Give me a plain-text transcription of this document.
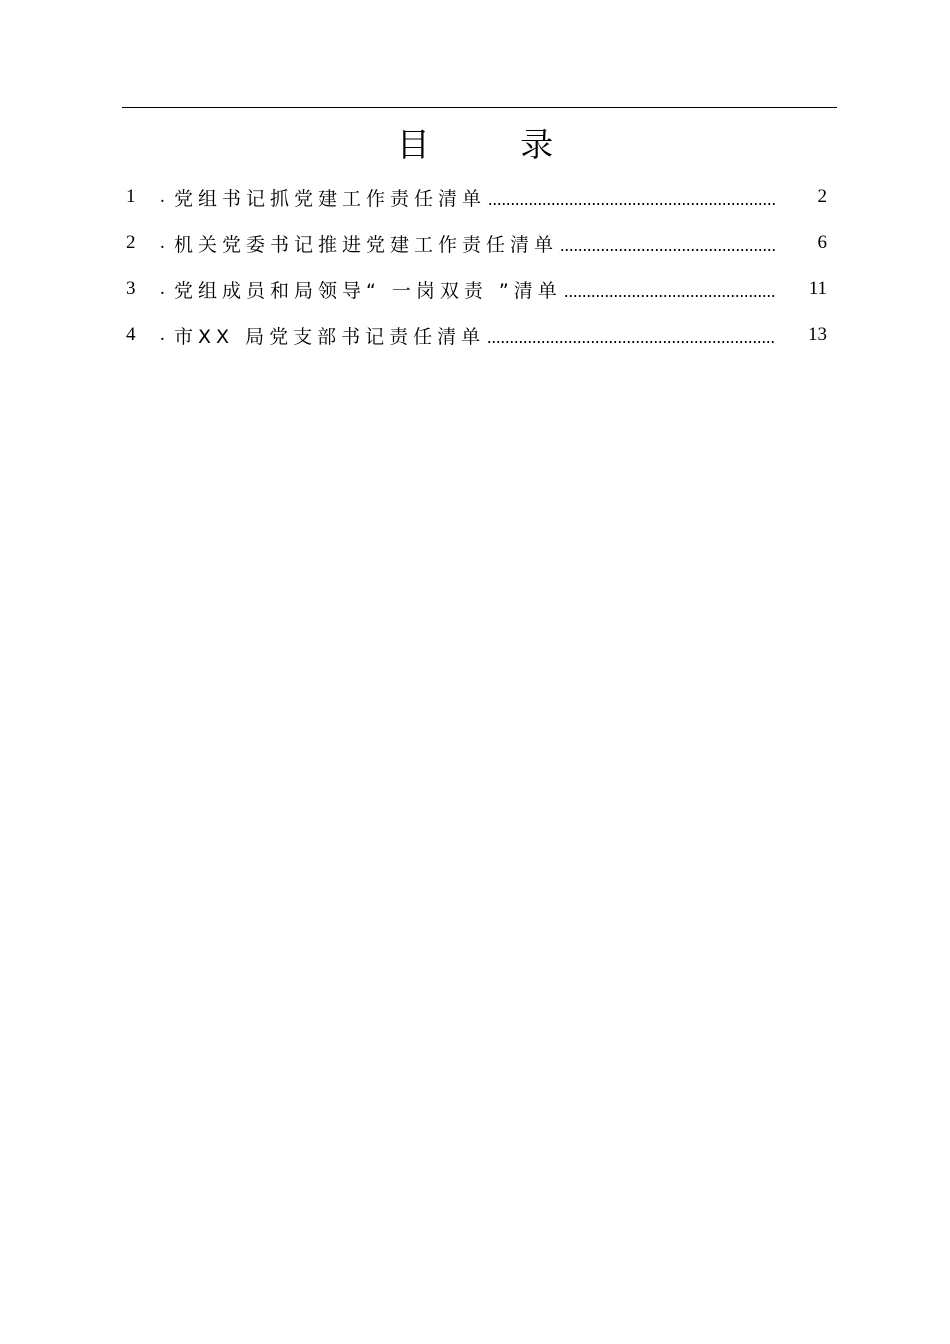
目 录
1	. 党组书记抓党建工作责任清单	2
2	. 机关党委书记推进党建工作责任清单	6
3	. 党组成员和局领导“ 一岗双责 ”清单	11
4	. 市XX 局党支部书记责任清单	13
